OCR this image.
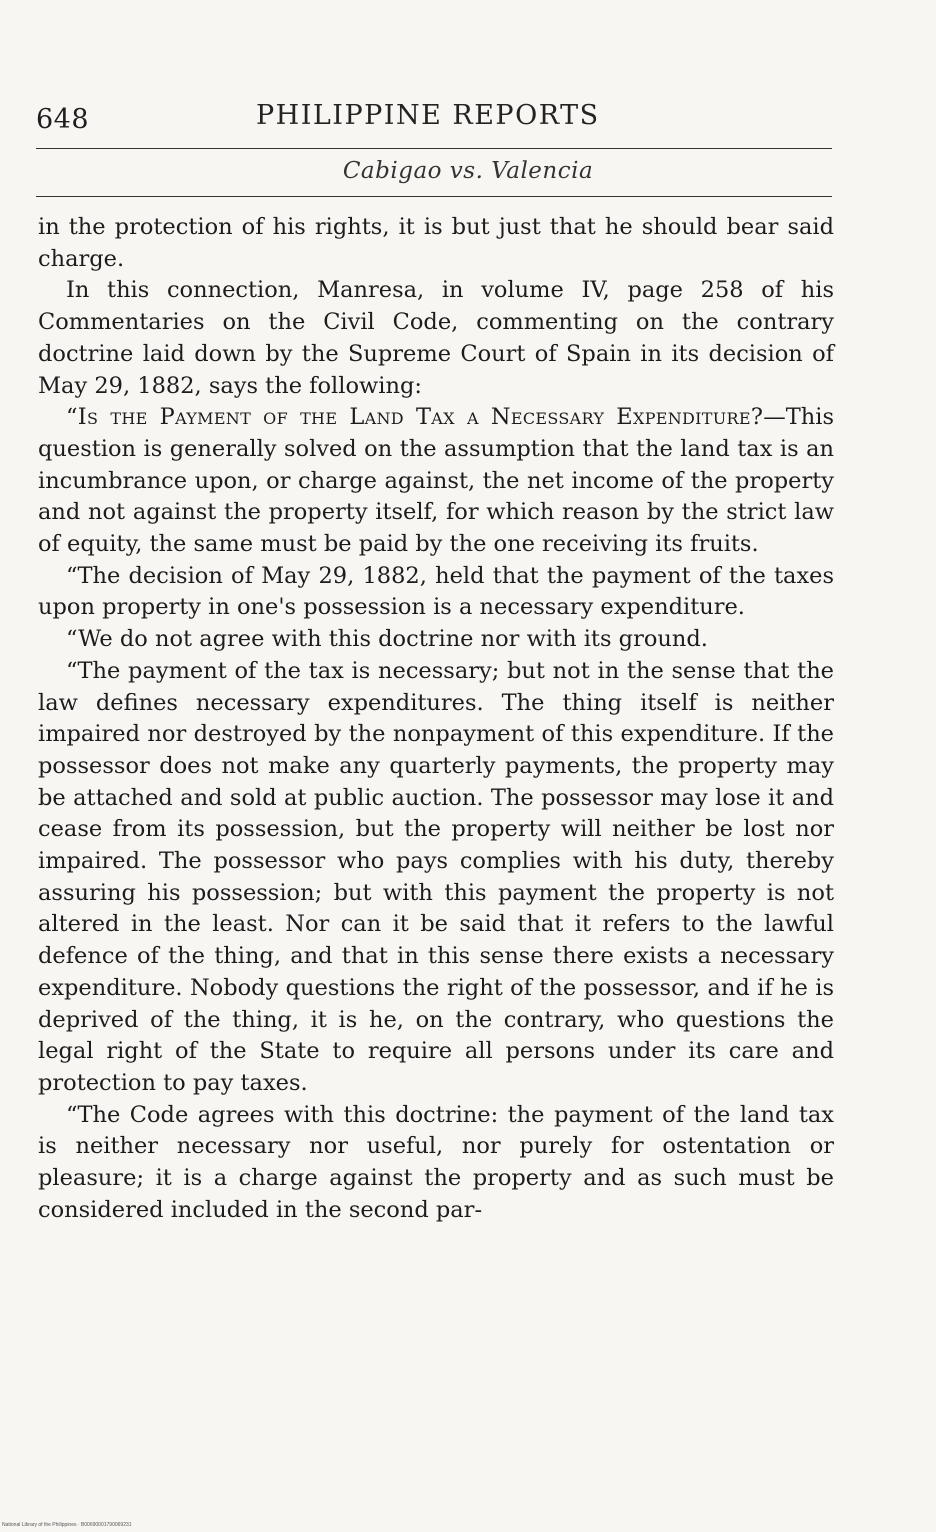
648	PHILIPPINE REPORTS
Cabigao vs. Valencia

in the protection of his rights, it is but just that he should bear said charge.

In this connection, Manresa, in volume IV, page 258 of his Commentaries on the Civil Code, commenting on the contrary doctrine laid down by the Supreme Court of Spain in its decision of May 29, 1882, says the following:

“Is the Payment of the Land Tax a Necessary Expenditure?—This question is generally solved on the assumption that the land tax is an incumbrance upon, or charge against, the net income of the property and not against the property itself, for which reason by the strict law of equity, the same must be paid by the one receiving its fruits.

“The decision of May 29, 1882, held that the payment of the taxes upon property in one's possession is a necessary expenditure.

“We do not agree with this doctrine nor with its ground.

“The payment of the tax is necessary; but not in the sense that the law defines necessary expenditures. The thing itself is neither impaired nor destroyed by the nonpayment of this expenditure. If the possessor does not make any quarterly payments, the property may be attached and sold at public auction. The possessor may lose it and cease from its possession, but the property will neither be lost nor impaired. The possessor who pays complies with his duty, thereby assuring his possession; but with this payment the property is not altered in the least. Nor can it be said that it refers to the lawful defence of the thing, and that in this sense there exists a necessary expenditure. Nobody questions the right of the possessor, and if he is deprived of the thing, it is he, on the contrary, who questions the legal right of the State to require all persons under its care and protection to pay taxes.

“The Code agrees with this doctrine: the payment of the land tax is neither necessary nor useful, nor purely for ostentation or pleasure; it is a charge against the property and as such must be considered included in the second par-

National Library of the Philippines · B00690001790069231
